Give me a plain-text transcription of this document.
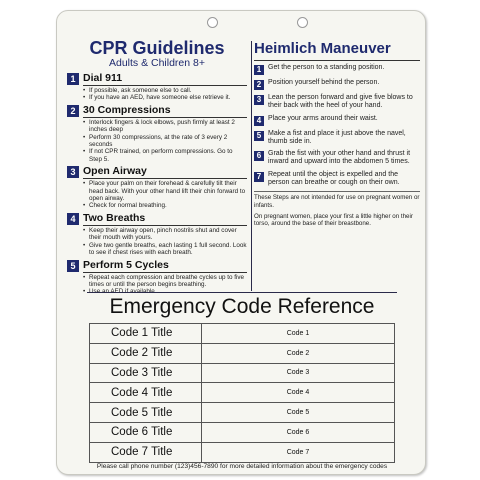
CPR Guidelines
Adults & Children 8+
1 Dial 911
• If possible, ask someone else to call.
• If you have an AED, have someone else retrieve it.
2 30 Compressions
• Interlock fingers & lock elbows, push firmly at least 2 inches deep
• Perform 30 compressions, at the rate of 3 every 2 seconds
• If not CPR trained, on perform compressions. Go to Step 5.
3 Open Airway
• Place your palm on their forehead & carefully tilt their head back. With your other hand lift their chin forward to open airway.
• Check for normal breathing.
4 Two Breaths
• Keep their airway open, pinch nostrils shut and cover their mouth with yours.
• Give two gentle breaths, each lasting 1 full second. Look to see if chest rises with each breath.
5 Perform 5 Cycles
• Repeat each compression and breathe cycles up to five times or until the person begins breathing.
•
Heimlich Maneuver
1 Get the person to a standing position.
2 Position yourself behind the person.
3 Lean the person forward and give five blows to their back with the heel of your hand.
4 Place your arms around their waist.
5 Make a fist and place it just above the navel, thumb side in.
6 Grab the fist with your other hand and thrust it inward and upward into the abdomen 5 times.
7 Repeat until the object is expelled and the person can breathe or cough on their own.
These Steps are not intended for use on pregnant women or infants.
On pregnant women, place your first a little higher on their torso, around the base of their breastbone.
Emergency Code Reference
Code 1 Title	Code 1
Code 2 Title	Code 2
Code 3 Title	Code 3
Code 4 Title	Code 4
Code 5 Title	Code 5
Code 6 Title	Code 6
Code 7 Title	Code 7
Please call phone number (123)456-7890 for more detailed information about the emergency codes
